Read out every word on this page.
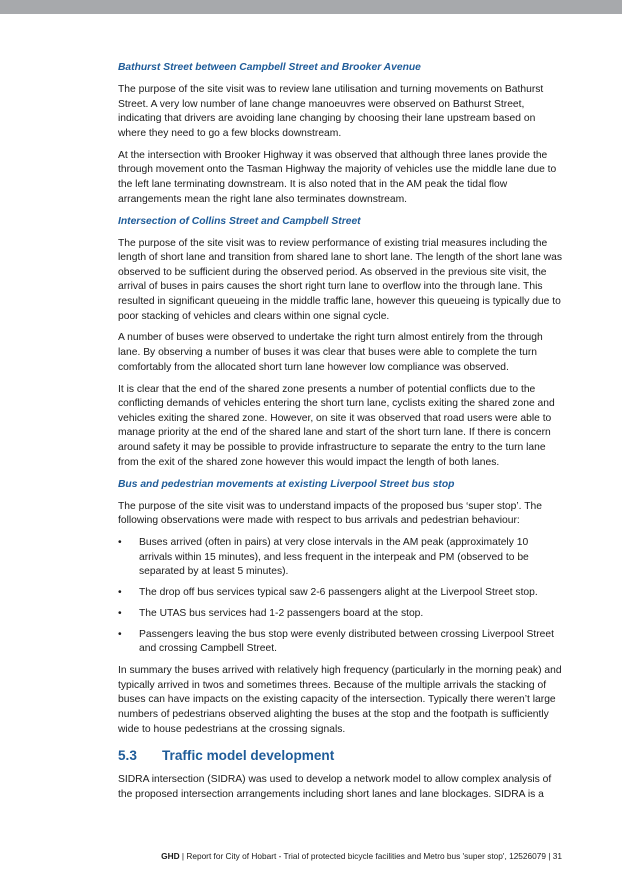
Bathurst Street between Campbell Street and Brooker Avenue

The purpose of the site visit was to review lane utilisation and turning movements on Bathurst Street. A very low number of lane change manoeuvres were observed on Bathurst Street, indicating that drivers are avoiding lane changing by choosing their lane upstream based on where they need to go a few blocks downstream.

At the intersection with Brooker Highway it was observed that although three lanes provide the through movement onto the Tasman Highway the majority of vehicles use the middle lane due to the left lane terminating downstream. It is also noted that in the AM peak the tidal flow arrangements mean the right lane also terminates downstream.

Intersection of Collins Street and Campbell Street

The purpose of the site visit was to review performance of existing trial measures including the length of short lane and transition from shared lane to short lane. The length of the short lane was observed to be sufficient during the observed period. As observed in the previous site visit, the arrival of buses in pairs causes the short right turn lane to overflow into the through lane. This resulted in significant queueing in the middle traffic lane, however this queueing is typically due to poor stacking of vehicles and clears within one signal cycle.

A number of buses were observed to undertake the right turn almost entirely from the through lane. By observing a number of buses it was clear that buses were able to complete the turn comfortably from the allocated short turn lane however low compliance was observed.

It is clear that the end of the shared zone presents a number of potential conflicts due to the conflicting demands of vehicles entering the short turn lane, cyclists exiting the shared zone and vehicles exiting the shared zone. However, on site it was observed that road users were able to manage priority at the end of the shared lane and start of the short turn lane. If there is concern around safety it may be possible to provide infrastructure to separate the entry to the turn lane from the exit of the shared zone however this would impact the length of both lanes.

Bus and pedestrian movements at existing Liverpool Street bus stop

The purpose of the site visit was to understand impacts of the proposed bus ‘super stop’. The following observations were made with respect to bus arrivals and pedestrian behaviour:

• Buses arrived (often in pairs) at very close intervals in the AM peak (approximately 10 arrivals within 15 minutes), and less frequent in the interpeak and PM (observed to be separated by at least 5 minutes).
• The drop off bus services typical saw 2-6 passengers alight at the Liverpool Street stop.
• The UTAS bus services had 1-2 passengers board at the stop.
• Passengers leaving the bus stop were evenly distributed between crossing Liverpool Street and crossing Campbell Street.

In summary the buses arrived with relatively high frequency (particularly in the morning peak) and typically arrived in twos and sometimes threes. Because of the multiple arrivals the stacking of buses can have impacts on the existing capacity of the intersection. Typically there weren’t large numbers of pedestrians observed alighting the buses at the stop and the footpath is sufficiently wide to house pedestrians at the crossing signals.

5.3	Traffic model development

SIDRA intersection (SIDRA) was used to develop a network model to allow complex analysis of the proposed intersection arrangements including short lanes and lane blockages. SIDRA is a

GHD | Report for City of Hobart - Trial of protected bicycle facilities and Metro bus 'super stop', 12526079 | 31
